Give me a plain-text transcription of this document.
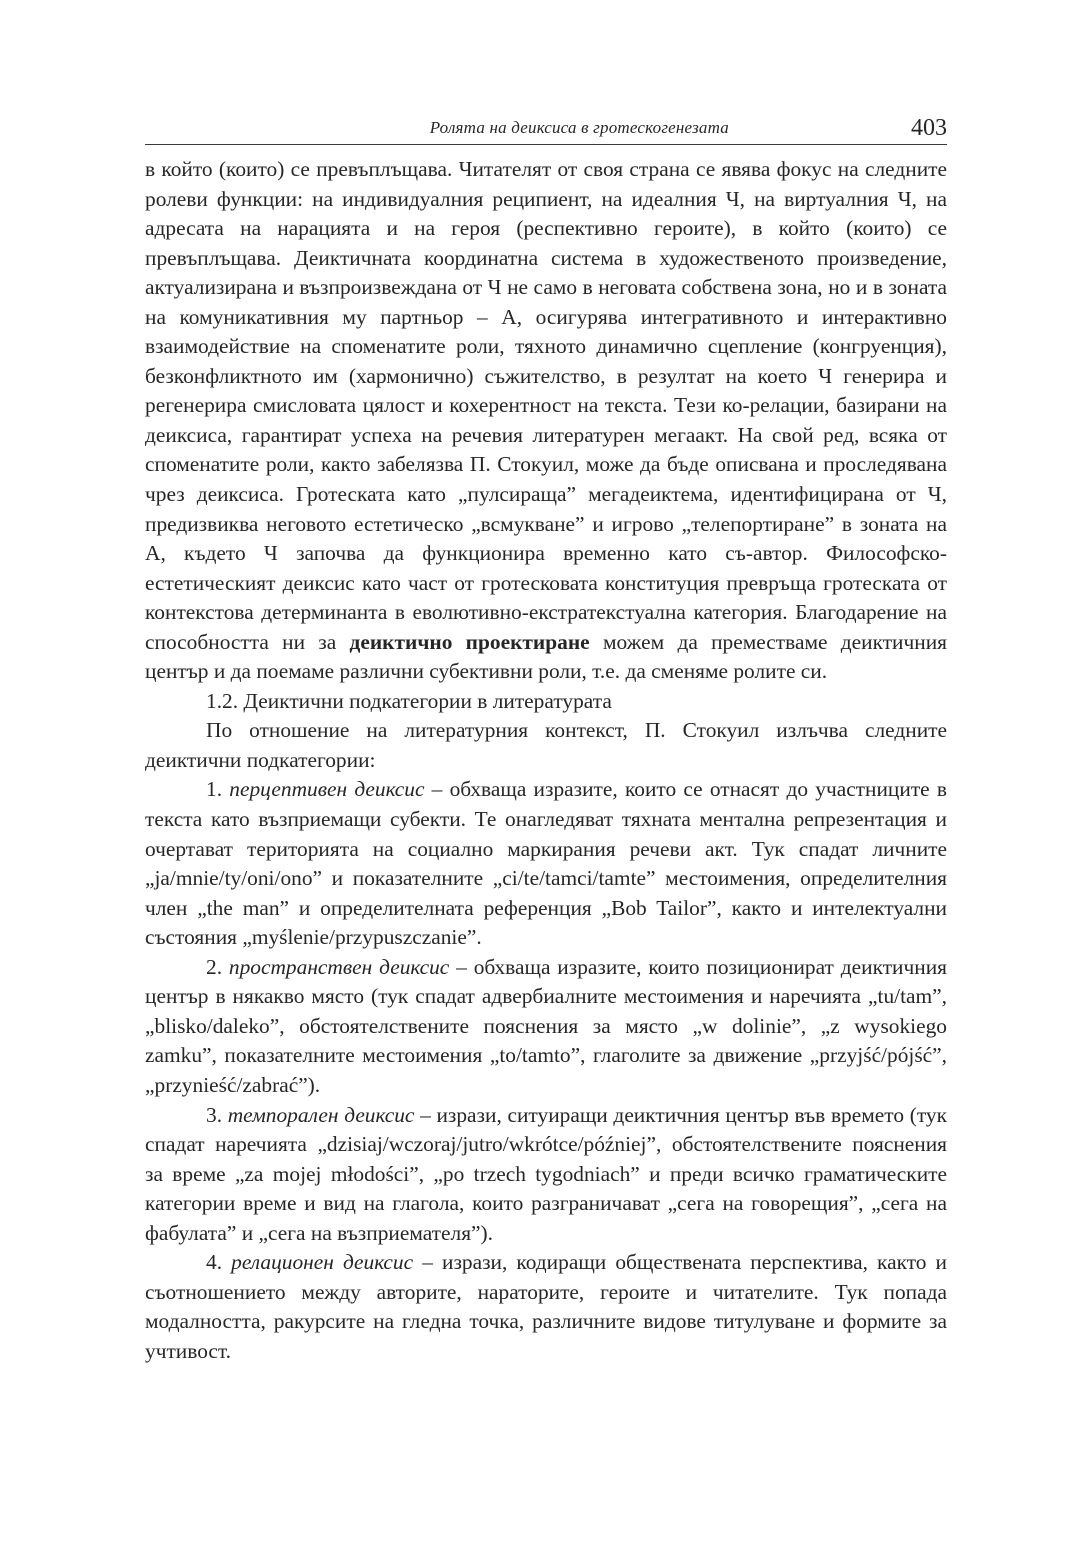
Ролята на деиксиса в гротескогенезата	403

в който (които) се превъплъщава. Читателят от своя страна се явява фокус на следните ролеви функции: на индивидуалния реципиент, на идеалния Ч, на виртуалния Ч, на адресата на нарацията и на героя (респективно героите), в който (които) се превъплъщава. Деиктичната координатна система в художественото произведение, актуализирана и възпроизвеждана от Ч не само в неговата собствена зона, но и в зоната на комуникативния му партньор – А, осигурява интегративното и интерактивно взаимодействие на споменатите роли, тяхното динамично сцепление (конгруенция), безконфликтното им (хармонично) съжителство, в резултат на което Ч генерира и регенерира смисловата цялост и кохерентност на текста. Тези ко-релации, базирани на деиксиса, гарантират успеха на речевия литературен мегаакт. На свой ред, всяка от споменатите роли, както забелязва П. Стокуил, може да бъде описвана и проследявана чрез деиксиса. Гротеската като „пулсираща” мегадеиктема, идентифицирана от Ч, предизвиква неговото естетическо „всмукване” и игрово „телепортиране” в зоната на А, където Ч започва да функционира временно като съ-автор. Философско-естетическият деиксис като част от гротесковата конституция превръща гротеската от контекстова детерминанта в еволютивно-екстратекстуална категория. Благодарение на способността ни за деиктично проектиране можем да преместваме деиктичния център и да поемаме различни субективни роли, т.е. да сменяме ролите си.

1.2. Деиктични подкатегории в литературата

По отношение на литературния контекст, П. Стокуил излъчва следните деиктични подкатегории:

1. перцептивен деиксис – обхваща изразите, които се отнасят до участниците в текста като възприемащи субекти. Те онагледяват тяхната ментална репрезентация и очертават територията на социално маркирания речеви акт. Тук спадат личните „ja/mnie/ty/oni/ono” и показателните „ci/te/tamci/tamte” местоимения, определителния член „the man” и определителната референция „Bob Tailor”, както и интелектуални състояния „myślenie/przypuszczanie”.

2. пространствен деиксис – обхваща изразите, които позиционират деиктичния център в някакво място (тук спадат адвербиалните местоимения и наречията „tu/tam”, „blisko/daleko”, обстоятелствените пояснения за място „w dolinie”, „z wysokiego zamku”, показателните местоимения „to/tamto”, глаголите за движение „przyjść/pójść”, „przynieść/zabrać”).

3. темпорален деиксис – изрази, ситуиращи деиктичния център във времето (тук спадат наречията „dzisiaj/wczoraj/jutro/wkrótce/później”, обстоятелствените пояснения за време „za mojej młodości”, „po trzech tygodniach” и преди всичко граматическите категории време и вид на глагола, които разграничават „сега на говорещия”, „сега на фабулата” и „сега на възприемателя”).

4. релационен деиксис – изрази, кодиращи обществената перспектива, както и съотношението между авторите, нараторите, героите и читателите. Тук попада модалността, ракурсите на гледна точка, различните видове титулуване и формите за учтивост.
